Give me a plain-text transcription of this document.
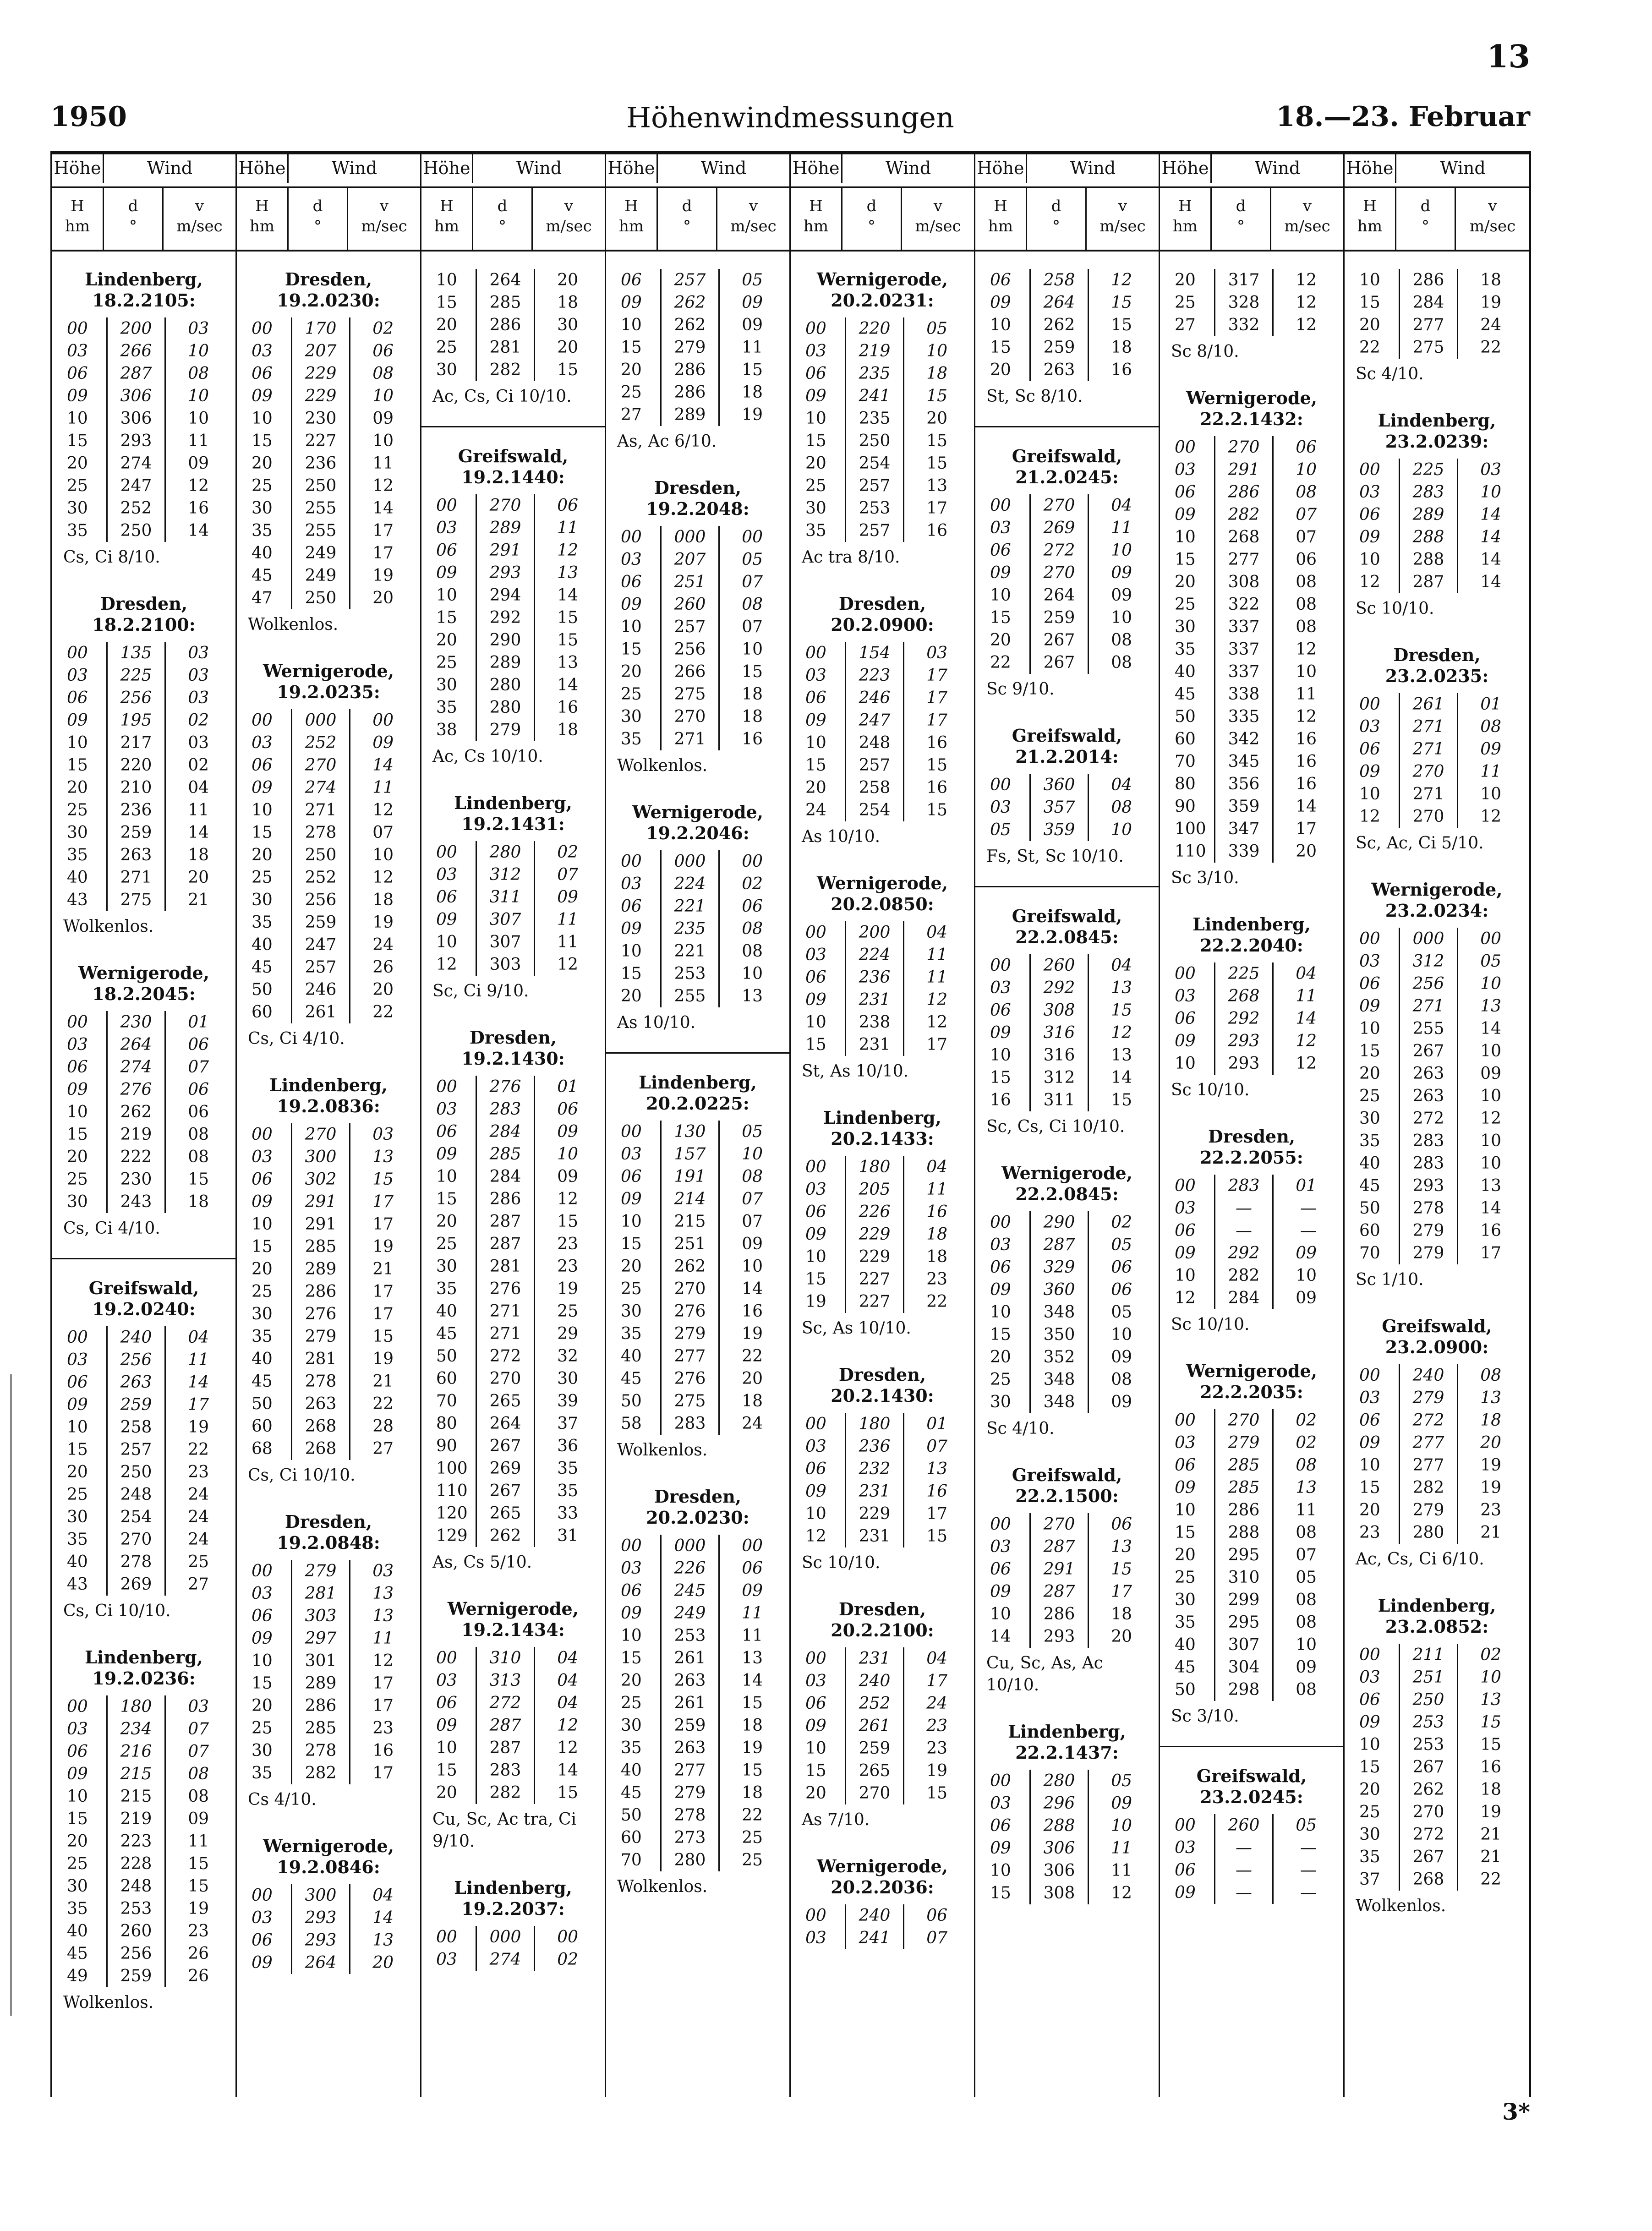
13
1950	Höhenwindmessungen	18.—23. Februar
Höhe	Wind
H
hm
d
°
v
m/sec
Lindenberg,
18.2.2105:
00	200	03
03	266	10
06	287	08
09	306	10
10	306	10
15	293	11
20	274	09
25	247	12
30	252	16
35	250	14
Cs, Ci 8/10.
Dresden,
18.2.2100:
00	135	03
03	225	03
06	256	03
09	195	02
10	217	03
15	220	02
20	210	04
25	236	11
30	259	14
35	263	18
40	271	20
43	275	21
Wolkenlos.
Wernigerode,
18.2.2045:
00	230	01
03	264	06
06	274	07
09	276	06
10	262	06
15	219	08
20	222	08
25	230	15
30	243	18
Cs, Ci 4/10.
Greifswald,
19.2.0240:
00	240	04
03	256	11
06	263	14
09	259	17
10	258	19
15	257	22
20	250	23
25	248	24
30	254	24
35	270	24
40	278	25
43	269	27
Cs, Ci 10/10.
Lindenberg,
19.2.0236:
00	180	03
03	234	07
06	216	07
09	215	08
10	215	08
15	219	09
20	223	11
25	228	15
30	248	15
35	253	19
40	260	23
45	256	26
49	259	26
Wolkenlos.
Höhe	Wind
H
hm
d
°
v
m/sec
Dresden,
19.2.0230:
00	170	02
03	207	06
06	229	08
09	229	10
10	230	09
15	227	10
20	236	11
25	250	12
30	255	14
35	255	17
40	249	17
45	249	19
47	250	20
Wolkenlos.
Wernigerode,
19.2.0235:
00	000	00
03	252	09
06	270	14
09	274	11
10	271	12
15	278	07
20	250	10
25	252	12
30	256	18
35	259	19
40	247	24
45	257	26
50	246	20
60	261	22
Cs, Ci 4/10.
Lindenberg,
19.2.0836:
00	270	03
03	300	13
06	302	15
09	291	17
10	291	17
15	285	19
20	289	21
25	286	17
30	276	17
35	279	15
40	281	19
45	278	21
50	263	22
60	268	28
68	268	27
Cs, Ci 10/10.
Dresden,
19.2.0848:
00	279	03
03	281	13
06	303	13
09	297	11
10	301	12
15	289	17
20	286	17
25	285	23
30	278	16
35	282	17
Cs 4/10.
Wernigerode,
19.2.0846:
00	300	04
03	293	14
06	293	13
09	264	20
Höhe	Wind
H
hm
d
°
v
m/sec
10	264	20
15	285	18
20	286	30
25	281	20
30	282	15
Ac, Cs, Ci 10/10.
Greifswald,
19.2.1440:
00	270	06
03	289	11
06	291	12
09	293	13
10	294	14
15	292	15
20	290	15
25	289	13
30	280	14
35	280	16
38	279	18
Ac, Cs 10/10.
Lindenberg,
19.2.1431:
00	280	02
03	312	07
06	311	09
09	307	11
10	307	11
12	303	12
Sc, Ci 9/10.
Dresden,
19.2.1430:
00	276	01
03	283	06
06	284	09
09	285	10
10	284	09
15	286	12
20	287	15
25	287	23
30	281	23
35	276	19
40	271	25
45	271	29
50	272	32
60	270	30
70	265	39
80	264	37
90	267	36
100	269	35
110	267	35
120	265	33
129	262	31
As, Cs 5/10.
Wernigerode,
19.2.1434:
00	310	04
03	313	04
06	272	04
09	287	12
10	287	12
15	283	14
20	282	15
Cu, Sc, Ac tra, Ci 9/10.
Lindenberg,
19.2.2037:
00	000	00
03	274	02
Höhe	Wind
H
hm
d
°
v
m/sec
06	257	05
09	262	09
10	262	09
15	279	11
20	286	15
25	286	18
27	289	19
As, Ac 6/10.
Dresden,
19.2.2048:
00	000	00
03	207	05
06	251	07
09	260	08
10	257	07
15	256	10
20	266	15
25	275	18
30	270	18
35	271	16
Wolkenlos.
Wernigerode,
19.2.2046:
00	000	00
03	224	02
06	221	06
09	235	08
10	221	08
15	253	10
20	255	13
As 10/10.
Lindenberg,
20.2.0225:
00	130	05
03	157	10
06	191	08
09	214	07
10	215	07
15	251	09
20	262	10
25	270	14
30	276	16
35	279	19
40	277	22
45	276	20
50	275	18
58	283	24
Wolkenlos.
Dresden,
20.2.0230:
00	000	00
03	226	06
06	245	09
09	249	11
10	253	11
15	261	13
20	263	14
25	261	15
30	259	18
35	263	19
40	277	15
45	279	18
50	278	22
60	273	25
70	280	25
Wolkenlos.
Höhe	Wind
H
hm
d
°
v
m/sec
Wernigerode,
20.2.0231:
00	220	05
03	219	10
06	235	18
09	241	15
10	235	20
15	250	15
20	254	15
25	257	13
30	253	17
35	257	16
Ac tra 8/10.
Dresden,
20.2.0900:
00	154	03
03	223	17
06	246	17
09	247	17
10	248	16
15	257	15
20	258	16
24	254	15
As 10/10.
Wernigerode,
20.2.0850:
00	200	04
03	224	11
06	236	11
09	231	12
10	238	12
15	231	17
St, As 10/10.
Lindenberg,
20.2.1433:
00	180	04
03	205	11
06	226	16
09	229	18
10	229	18
15	227	23
19	227	22
Sc, As 10/10.
Dresden,
20.2.1430:
00	180	01
03	236	07
06	232	13
09	231	16
10	229	17
12	231	15
Sc 10/10.
Dresden,
20.2.2100:
00	231	04
03	240	17
06	252	24
09	261	23
10	259	23
15	265	19
20	270	15
As 7/10.
Wernigerode,
20.2.2036:
00	240	06
03	241	07
Höhe	Wind
H
hm
d
°
v
m/sec
06	258	12
09	264	15
10	262	15
15	259	18
20	263	16
St, Sc 8/10.
Greifswald,
21.2.0245:
00	270	04
03	269	11
06	272	10
09	270	09
10	264	09
15	259	10
20	267	08
22	267	08
Sc 9/10.
Greifswald,
21.2.2014:
00	360	04
03	357	08
05	359	10
Fs, St, Sc 10/10.
Greifswald,
22.2.0845:
00	260	04
03	292	13
06	308	15
09	316	12
10	316	13
15	312	14
16	311	15
Sc, Cs, Ci 10/10.
Wernigerode,
22.2.0845:
00	290	02
03	287	05
06	329	06
09	360	06
10	348	05
15	350	10
20	352	09
25	348	08
30	348	09
Sc 4/10.
Greifswald,
22.2.1500:
00	270	06
03	287	13
06	291	15
09	287	17
10	286	18
14	293	20
Cu, Sc, As, Ac 10/10.
Lindenberg,
22.2.1437:
00	280	05
03	296	09
06	288	10
09	306	11
10	306	11
15	308	12
Höhe	Wind
H
hm
d
°
v
m/sec
20	317	12
25	328	12
27	332	12
Sc 8/10.
Wernigerode,
22.2.1432:
00	270	06
03	291	10
06	286	08
09	282	07
10	268	07
15	277	06
20	308	08
25	322	08
30	337	08
35	337	12
40	337	10
45	338	11
50	335	12
60	342	16
70	345	16
80	356	16
90	359	14
100	347	17
110	339	20
Sc 3/10.
Lindenberg,
22.2.2040:
00	225	04
03	268	11
06	292	14
09	293	12
10	293	12
Sc 10/10.
Dresden,
22.2.2055:
00	283	01
03	—	—
06	—	—
09	292	09
10	282	10
12	284	09
Sc 10/10.
Wernigerode,
22.2.2035:
00	270	02
03	279	02
06	285	08
09	285	13
10	286	11
15	288	08
20	295	07
25	310	05
30	299	08
35	295	08
40	307	10
45	304	09
50	298	08
Sc 3/10.
Greifswald,
23.2.0245:
00	260	05
03	—	—
06	—	—
09	—	—
Höhe	Wind
H
hm
d
°
v
m/sec
10	286	18
15	284	19
20	277	24
22	275	22
Sc 4/10.
Lindenberg,
23.2.0239:
00	225	03
03	283	10
06	289	14
09	288	14
10	288	14
12	287	14
Sc 10/10.
Dresden,
23.2.0235:
00	261	01
03	271	08
06	271	09
09	270	11
10	271	10
12	270	12
Sc, Ac, Ci 5/10.
Wernigerode,
23.2.0234:
00	000	00
03	312	05
06	256	10
09	271	13
10	255	14
15	267	10
20	263	09
25	263	10
30	272	12
35	283	10
40	283	10
45	293	13
50	278	14
60	279	16
70	279	17
Sc 1/10.
Greifswald,
23.2.0900:
00	240	08
03	279	13
06	272	18
09	277	20
10	277	19
15	282	19
20	279	23
23	280	21
Ac, Cs, Ci 6/10.
Lindenberg,
23.2.0852:
00	211	02
03	251	10
06	250	13
09	253	15
10	253	15
15	267	16
20	262	18
25	270	19
30	272	21
35	267	21
37	268	22
Wolkenlos.
3*
